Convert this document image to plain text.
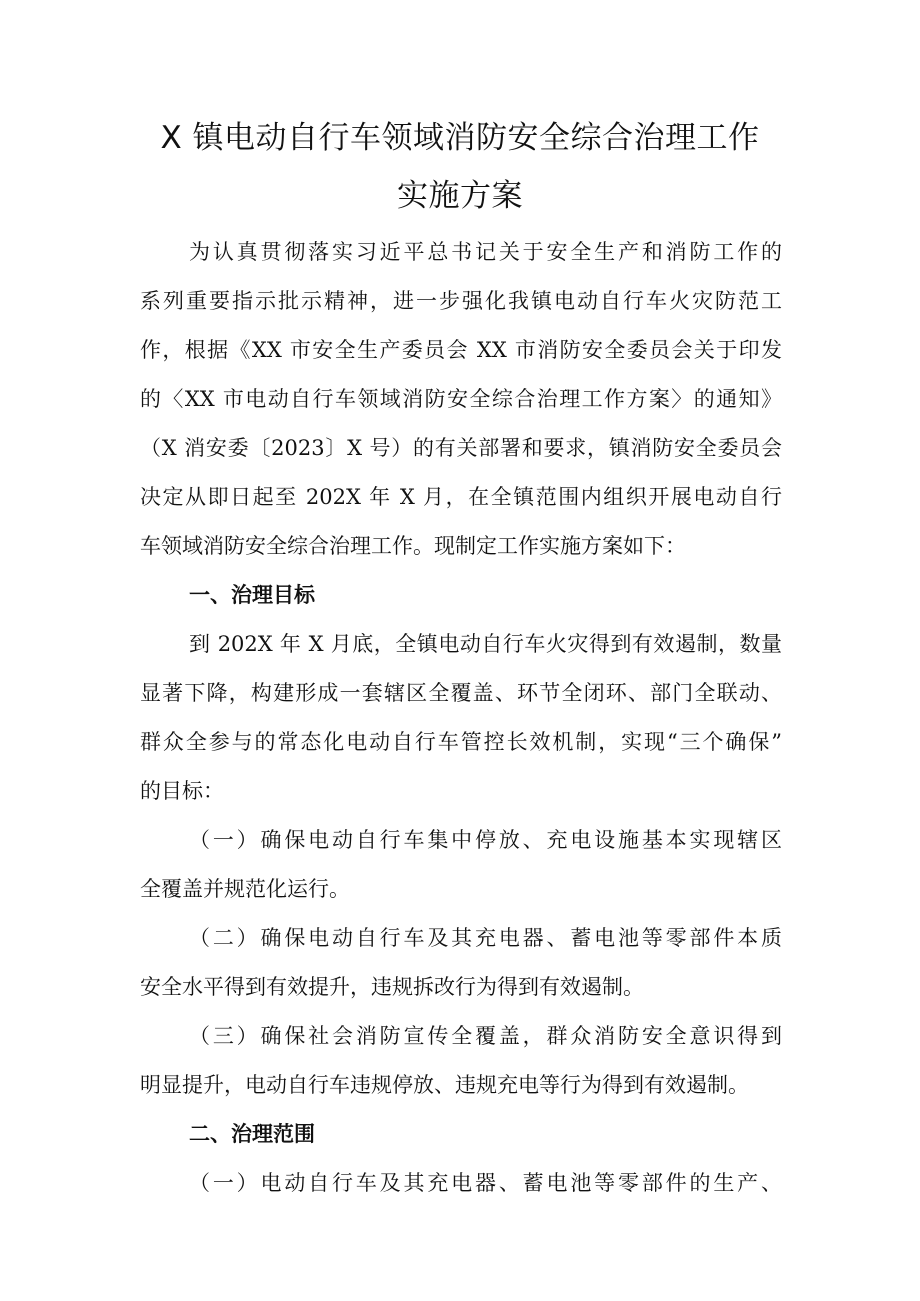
X 镇电动自行车领域消防安全综合治理工作
实施方案
为认真贯彻落实习近平总书记关于安全生产和消防工作的
系列重要指示批示精神，进一步强化我镇电动自行车火灾防范工
作，根据《XX 市安全生产委员会 XX 市消防安全委员会关于印发
的〈XX 市电动自行车领域消防安全综合治理工作方案〉的通知》
（X 消安委〔2023〕X 号）的有关部署和要求，镇消防安全委员会
决定从即日起至 202X 年 X 月，在全镇范围内组织开展电动自行
车领域消防安全综合治理工作。现制定工作实施方案如下：
一、治理目标
到 202X 年 X 月底，全镇电动自行车火灾得到有效遏制，数量
显著下降，构建形成一套辖区全覆盖、环节全闭环、部门全联动、
群众全参与的常态化电动自行车管控长效机制，实现“三个确保”
的目标：
（一）确保电动自行车集中停放、充电设施基本实现辖区
全覆盖并规范化运行。
（二）确保电动自行车及其充电器、蓄电池等零部件本质
安全水平得到有效提升，违规拆改行为得到有效遏制。
（三）确保社会消防宣传全覆盖，群众消防安全意识得到
明显提升，电动自行车违规停放、违规充电等行为得到有效遏制。
二、治理范围
（一）电动自行车及其充电器、蓄电池等零部件的生产、
